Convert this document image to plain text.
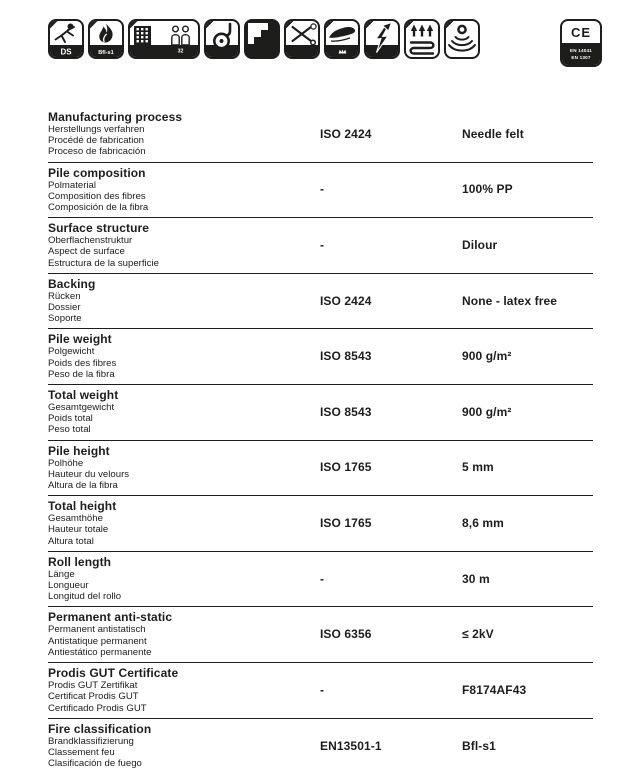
DS	Bfl-s1	32
CE
EN 14041
EN 1307
Manufacturing process
Herstellungs verfahren
Procédé de fabrication
Proceso de fabricación
ISO 2424	Needle felt
Pile composition
Polmaterial
Composition des fibres
Composición de la fibra
-	100% PP
Surface structure
Oberflachenstruktur
Aspect de surface
Estructura de la superficie
-	Dilour
Backing
Rücken
Dossier
Soporte
ISO 2424	None - latex free
Pile weight
Polgewicht
Poids des fibres
Peso de la fibra
ISO 8543	900 g/m²
Total weight
Gesamtgewicht
Poids total
Peso total
ISO 8543	900 g/m²
Pile height
Polhöhe
Hauteur du velours
Altura de la fibra
ISO 1765	5 mm
Total height
Gesamthöhe
Hauteur totale
Altura total
ISO 1765	8,6 mm
Roll length
Länge
Longueur
Longitud del rollo
-	30 m
Permanent anti-static
Permanent antistatisch
Antistatique permanent
Antiestático permanente
ISO 6356	≤ 2kV
Prodis GUT Certificate
Prodis GUT Zertifikat
Certificat Prodis GUT
Certificado Prodis GUT
-	F8174AF43
Fire classification
Brandklassifizierung
Classement feu
Clasificación de fuego
EN13501-1	Bfl-s1
